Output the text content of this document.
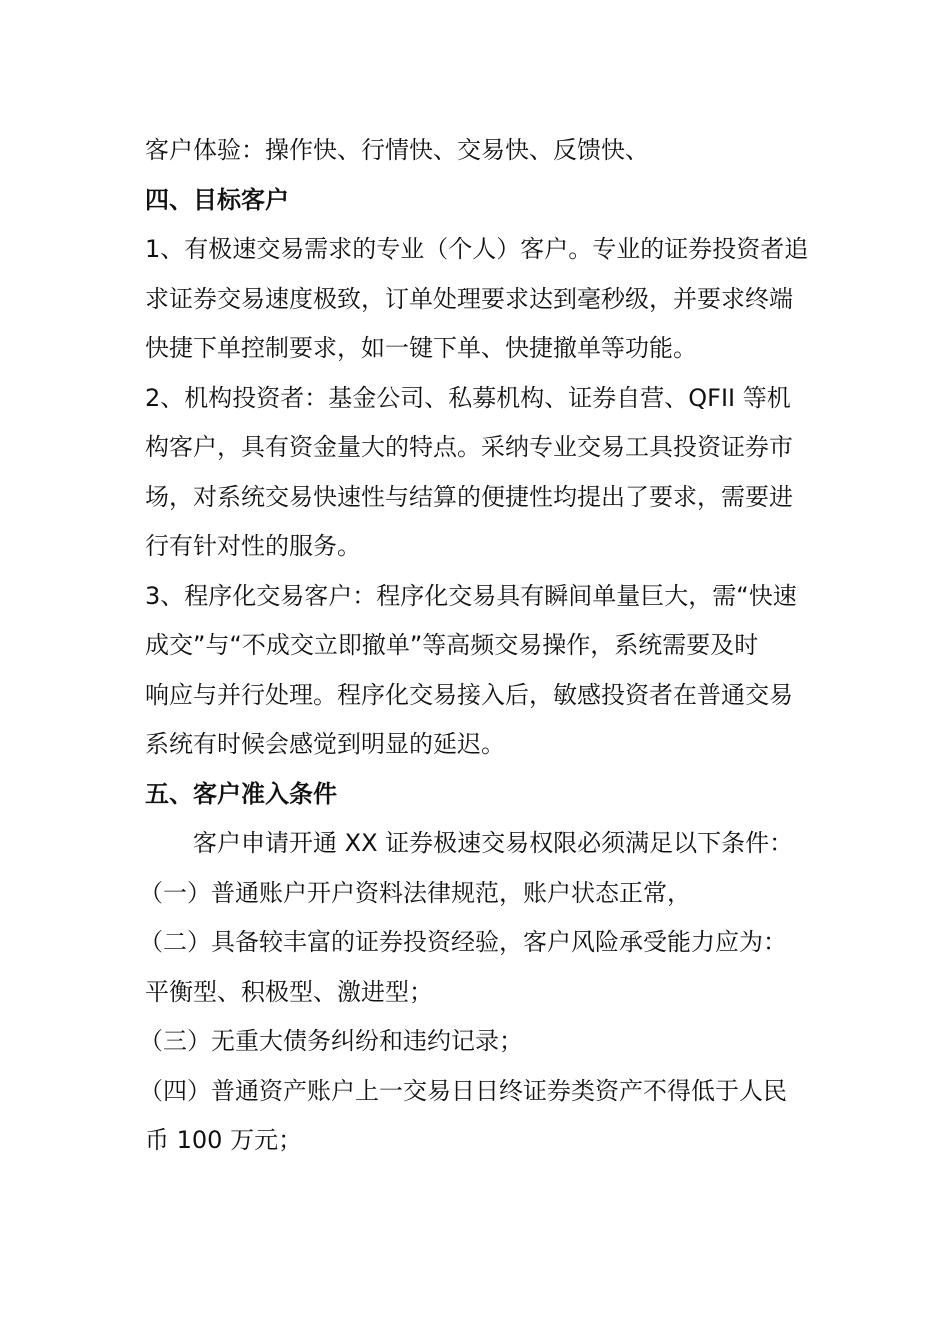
客户体验：操作快、行情快、交易快、反馈快、
四、目标客户
1、有极速交易需求的专业（个人）客户。专业的证券投资者追
求证券交易速度极致，订单处理要求达到毫秒级，并要求终端
快捷下单控制要求，如一键下单、快捷撤单等功能。
2、机构投资者：基金公司、私募机构、证券自营、QFII 等机
构客户，具有资金量大的特点。采纳专业交易工具投资证券市
场，对系统交易快速性与结算的便捷性均提出了要求，需要进
行有针对性的服务。
3、程序化交易客户：程序化交易具有瞬间单量巨大，需“快速
成交”与“不成交立即撤单”等高频交易操作，系统需要及时
响应与并行处理。程序化交易接入后，敏感投资者在普通交易
系统有时候会感觉到明显的延迟。
五、客户准入条件
客户申请开通 XX 证券极速交易权限必须满足以下条件：
（一）普通账户开户资料法律规范，账户状态正常，
（二）具备较丰富的证券投资经验，客户风险承受能力应为：
平衡型、积极型、激进型；
（三）无重大债务纠纷和违约记录；
（四）普通资产账户上一交易日日终证券类资产不得低于人民
币 100 万元；
